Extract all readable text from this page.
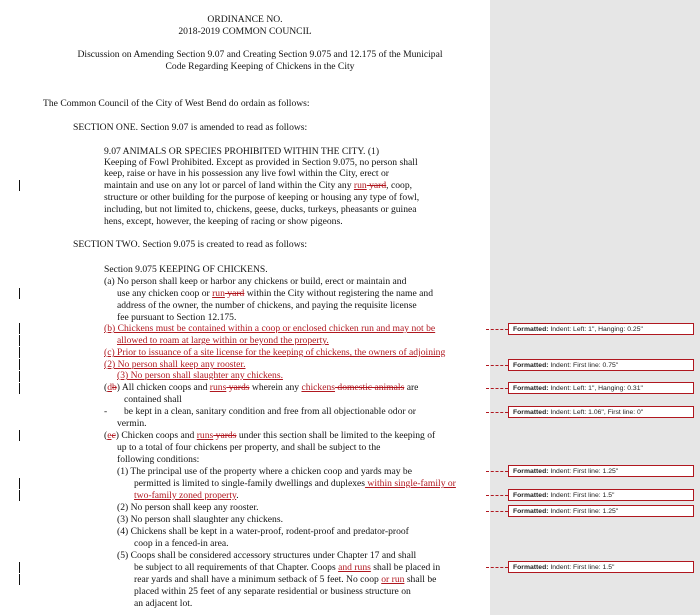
ORDINANCE NO.
2018-2019 COMMON COUNCIL
Discussion on Amending Section 9.07 and Creating Section 9.075 and 12.175 of the Municipal
Code Regarding Keeping of Chickens in the City
The Common Council of the City of West Bend do ordain as follows:
SECTION ONE. Section 9.07 is amended to read as follows:
9.07 ANIMALS OR SPECIES PROHIBITED WITHIN THE CITY. (1)
Keeping of Fowl Prohibited. Except as provided in Section 9.075, no person shall
keep, raise or have in his possession any live fowl within the City, erect or
maintain and use on any lot or parcel of land within the City any run yard, coop,
structure or other building for the purpose of keeping or housing any type of fowl,
including, but not limited to, chickens, geese, ducks, turkeys, pheasants or guinea
hens, except, however, the keeping of racing or show pigeons.
SECTION TWO. Section 9.075 is created to read as follows:
Section 9.075 KEEPING OF CHICKENS.
(a) No person shall keep or harbor any chickens or build, erect or maintain and
use any chicken coop or run yard within the City without registering the name and
address of the owner, the number of chickens, and paying the requisite license
fee pursuant to Section 12.175.
(b) Chickens must be contained within a coop or enclosed chicken run and may not be
allowed to roam at large within or beyond the property.
(c) Prior to issuance of a site license for the keeping of chickens, the owners of adjoining
(2) No person shall keep any rooster.
(3) No person shall slaughter any chickens.
(db) All chicken coops and runs yards wherein any chickens domestic animals are
contained shall
- be kept in a clean, sanitary condition and free from all objectionable odor or
vermin.
(ec) Chicken coops and runs yards under this section shall be limited to the keeping of
up to a total of four chickens per property, and shall be subject to the
following conditions:
(1) The principal use of the property where a chicken coop and yards may be
permitted is limited to single-family dwellings and duplexes within single-family or
two-family zoned property.
(2) No person shall keep any rooster.
(3) No person shall slaughter any chickens.
(4) Chickens shall be kept in a water-proof, rodent-proof and predator-proof
coop in a fenced-in area.
(5) Coops shall be considered accessory structures under Chapter 17 and shall
be subject to all requirements of that Chapter. Coops and runs shall be placed in
rear yards and shall have a minimum setback of 5 feet. No coop or run shall be
placed within 25 feet of any separate residential or business structure on
an adjacent lot.
Formatted: Indent: Left: 1", Hanging: 0.25"
Formatted: Indent: First line: 0.75"
Formatted: Indent: Left: 1", Hanging: 0.31"
Formatted: Indent: Left: 1.06", First line: 0"
Formatted: Indent: First line: 1.25"
Formatted: Indent: First line: 1.5"
Formatted: Indent: First line: 1.25"
Formatted: Indent: First line: 1.5"
